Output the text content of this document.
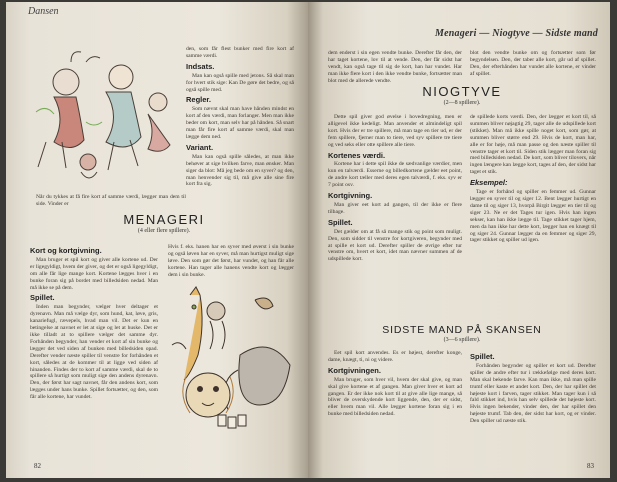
Dansen

den, som får flest bunker med fire kort af samme værdi.

Indsats.

Man kan også spille med jetons. Så skal man for hvert stik sige: Kan De gøre det bedre, og så også spille med.

Regler.

Som nævnt skal man have hånden mindst en kort af den værdi, man forlanger. Men man ikke beder om kort, man selv har på hånden. Så snart man får fire kort af samme værdi, skal man lægge dem ned.

Variant.

Man kan også spille således, at man ikke behøver at sige hvilken farve, man ønsker. Man siger da blot: Må jeg bede om en syver? og den, man henvender sig til, må give alle sine fire kort fra sig.

Når du tykkes at få fire kort af samme værdi, lægger man dem til side. Vinder er
MENAGERI
(4 eller flere spillere).
Kort og kortgivning.

Man bruger et spil kort og giver alle kortene ud. Der er ligegyldigt, hvem der giver, og det er også ligegyldigt, om alle får lige mange kort. Kortene lægges hver i en bunke foran sig på bordet med billedsiden nedad. Man må ikke se på dem.

Spillet.

Inden man begynder, vælger hver deltager et dyrenavn. Man må vælge dyr, som hund, kat, løve, gris, kanariefugl, rævepels, hvad man vil. Det er kun en betingelse at navnet er let at sige og let at huske. Det er ikke tilladt at to spillere vælger det samme dyr. Forhånden begynder, han vender et kort af sin bunke og lægger det ved siden af bunken med billedsiden opad. Derefter vender næste spiller til venstre for forhånden et kort, således at de kommer til at ligge ved siden af hinanden. Findes der to kort af samme værdi, skal de to spillere så hurtigt som muligt sige den andens dyrenavn. Den, der først har sagt navnet, får den andens kort, som lægges under hans bunke. Spillet fortsætter, og den, som får alle kortene, har vundet.

Hvis f. eks. hanen har en syver med øverst i sin bunke og også løven har en syver, må man hurtigst muligt sige løve. Den som gør det først, har vundet, og han får alle kortene. Han tager alle hanens vendte kort og lægger dem i sin bunke.
82
Menageri — Niogtyve — Sidste mand
dem enderst i sin egen vendte bunke. Derefter får den, der har taget kortene, lov til at vende. Den, der får sidst har vendt, kan også tage til sig de kort, han har vundet. Har man ikke flere kort i den ikke vendte bunke, fortsætter man blot med de allerede vendte.
blot den vendte bunke om og fortsætter som før begyndelsen. Den, der taber alle kort, går ud af spillet. Den, der efterhånden har vundet alle kortene, er vinder af spillet.
NIOGTYVE
(2—8 spillere).

Dette spil giver god øvelse i hovedregning, men er alligevel ikke kedeligt. Man anvender et almindeligt spil kort. Hvis der er tre spillere, må man tage en tier ud, er der fem spillere, fjerner man to tiere, ved syv spillere tre tiere og ved seks eller otte spillere alle tiere.

Kortenes værdi.

Kortene har i dette spil ikke de sædvanlige værdier, men kun en talværdi. Esserne og billedkortene gælder eet point, de andre kort tæller med deres egen talværdi, f. eks. syv er 7 point osv.

Kortgivning.

Man giver eet kort ad gangen, til der ikke er flere tilbage.

Spillet.

Det gælder om at få så mange stik og point som muligt. Den, som sidder til venstre for kortgiveren, begynder med at spille et kort ud. Derefter spiller de øvrige efter tur venstre om, hvert et kort, idet man nævner summen af de udspillede kort.

de spillede korts værdi. Den, der lægger et kort til, så summen bliver nøjagtig 29, tager alle de udspillede kort (stikket). Man må ikke spille noget kort, som gør, at summen bliver større end 29. Hvis de kort, man har, alle er for høje, må man passe og den næste spiller til venstre tager et kort til. Siden stik lægger man foran sig med billedsiden nedad. De kort, som bliver tilovers, når ingen længere kan lægge kort, tages af den, der sidst har taget et stik.

Eksempel:

Tage er forhånd og spiller en femmer ud. Gunnar lægger en syver til og siger 12. Bent lægger hurtigt en dame til og siger 13, hvorpå Birgit lægger en tier til og siger 23. Ne er det Tages tur igen. Hvis han ingen sekser, kan han ikke lægge til. Tage stikket tager hjem, men da han ikke har dette kort, lægger han en knægt til og siger 24. Gunnar lægger da en femmer og siger 29, tager stikket og spiller ud igen.

SIDSTE MAND PÅ SKANSEN
(3—6 spillere).

Eet spil kort anvendes. Es er højest, derefter konge, dame, knægt, ti, ni og videre.

Kortgivningen.

Man bruger, som hver vil, hvem der skal give, og man skal give kortene et af gangen. Man giver hver et kort ad gangen. Er der ikke nok kort til at give alle lige mange, så bliver de overskydende kort liggende, den, der er sidst, eller hvem man vil. Alle lægger kortene foran sig i en bunke med billedsiden nedad.

Spillet.

Forhånden begynder og spiller et kort ud. Derefter spiller de andre efter tur i rækkefølge med deres kort. Man skal bekende farve. Kan man ikke, må man spille trumf eller kaste et andet kort. Den, der har spillet det højeste kort i farven, tager stikket. Man tager kun i så fald stikket ind, hvis han selv spillede det højeste kort. Hvis ingen bekender, vinder den, der har spillet den højeste trumf. Tab den, der sidst har kort, og er vinder. Den spiller ud næste stik.

83
